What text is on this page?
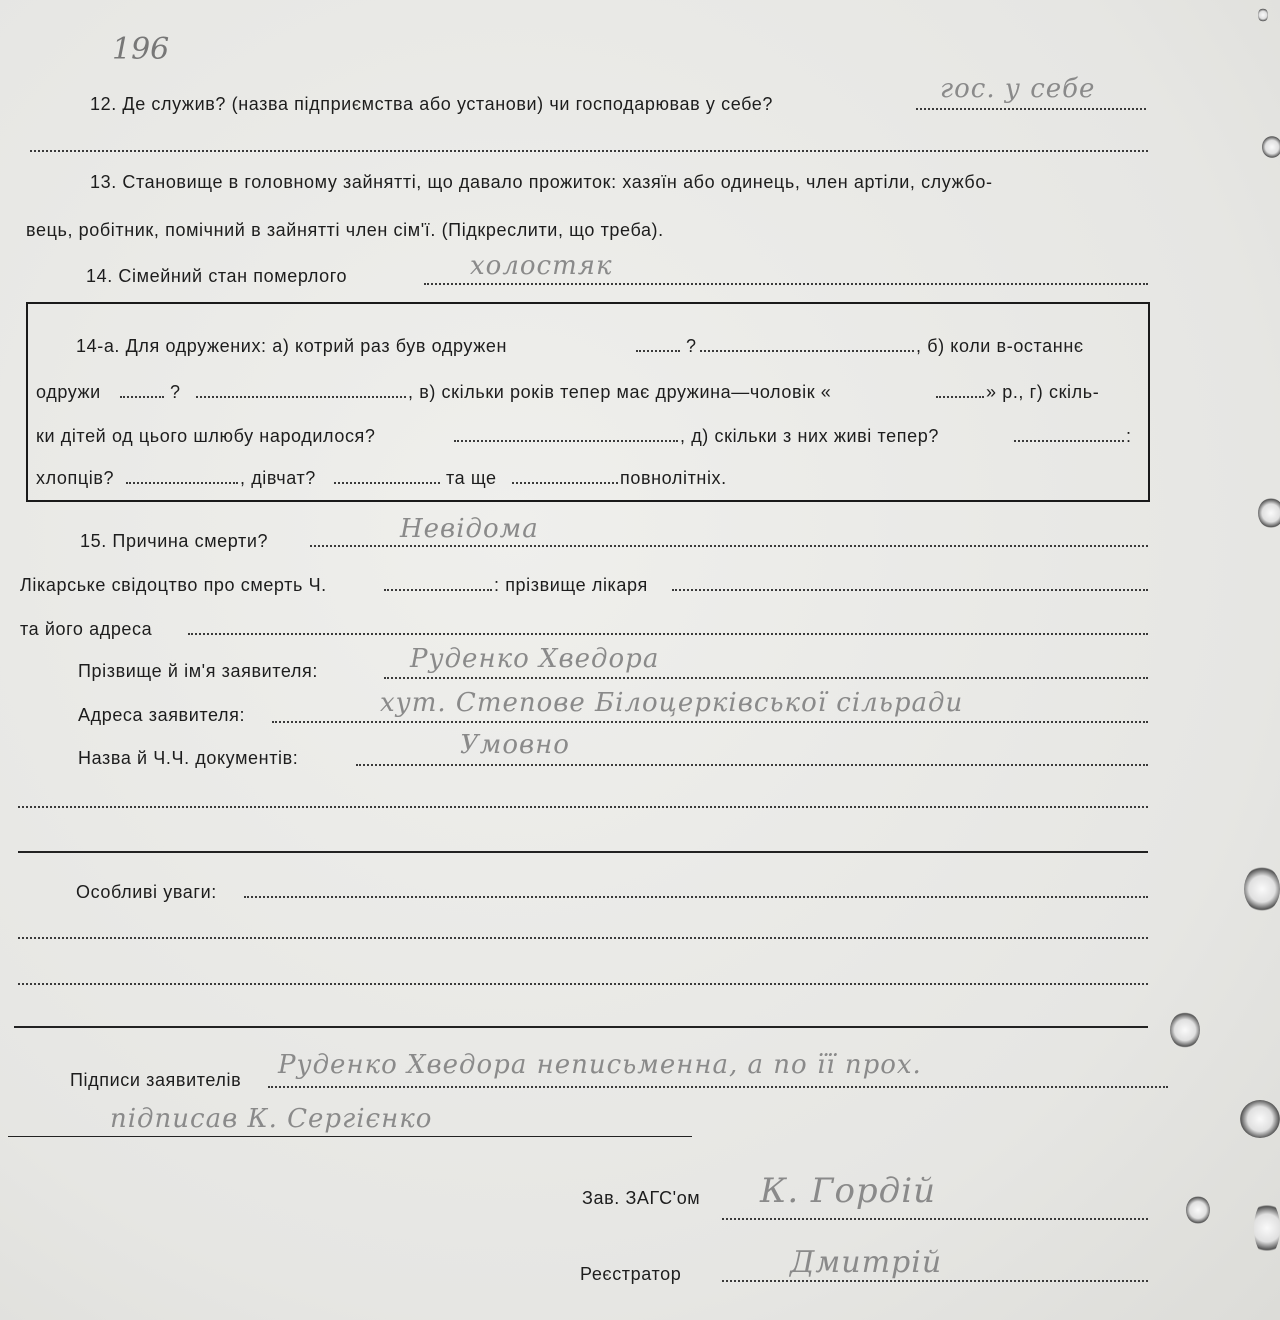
196
12. Де служив? (назва підприємства або установи) чи господарював у себе?	гос. у себе
13. Становище в головному зайнятті, що давало прожиток: хазяїн або одинець, член артіли, службо-
вець, робітник, помічний в зайнятті член сім'ї. (Підкреслити, що треба).
14. Сімейний стан померлого	холостяк
14-а. Для одружених: а) котрий раз був одружен	?	, б) коли в-останнє
одружи	?	, в) скільки років тепер має дружина—чоловік «	» р., г) скіль-
ки дітей од цього шлюбу народилося?	, д) скільки з них живі тепер?	:
хлопців?	, дівчат?	та ще	повнолітніх.
15. Причина смерти?	Невідома
Лікарське свідоцтво про смерть Ч.	: прізвище лікаря
та його адреса
Прізвище й ім'я заявителя:	Руденко Хведора
Адреса заявителя:	хут. Степове Білоцерківської сільради
Назва й Ч.Ч. документів:	Умовно
Особливі уваги:
Підписи заявителів Руденко Хведора неписьменна, а по її прох.
підписав К. Сергієнко
Зав. ЗАГС'ом К. Гордій
Реєстратор	Дмитрій
